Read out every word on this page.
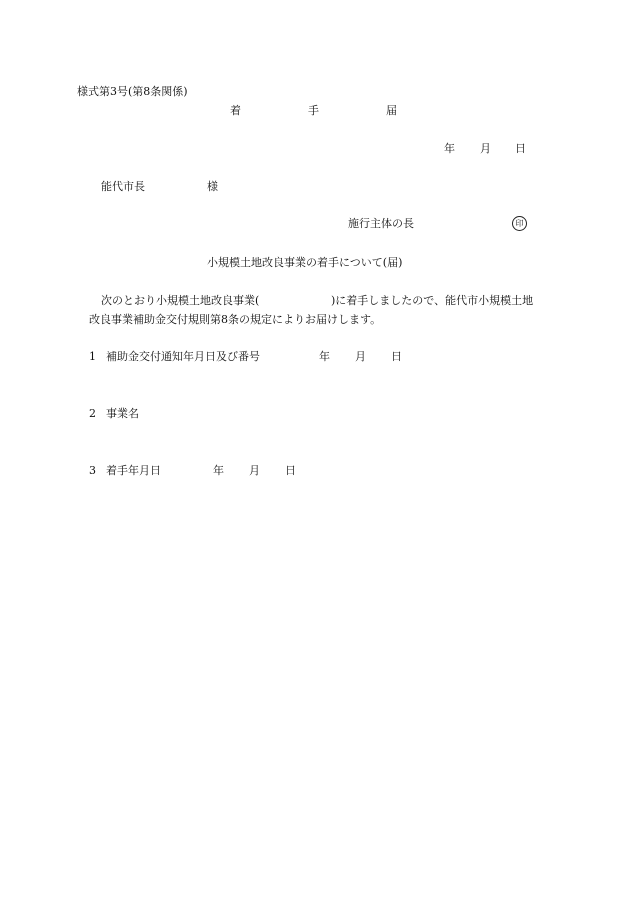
様式第3号(第8条関係)
着	手	届
年 月 日
能代市長	様
施行主体の長	印
小規模土地改良事業の着手について(届)
次のとおり小規模土地改良事業(	)に着手しましたので、能代市小規模土地
改良事業補助金交付規則第8条の規定によりお届けします。
1 補助金交付通知年月日及び番号	年 月 日
2 事業名
3 着手年月日	年 月 日
